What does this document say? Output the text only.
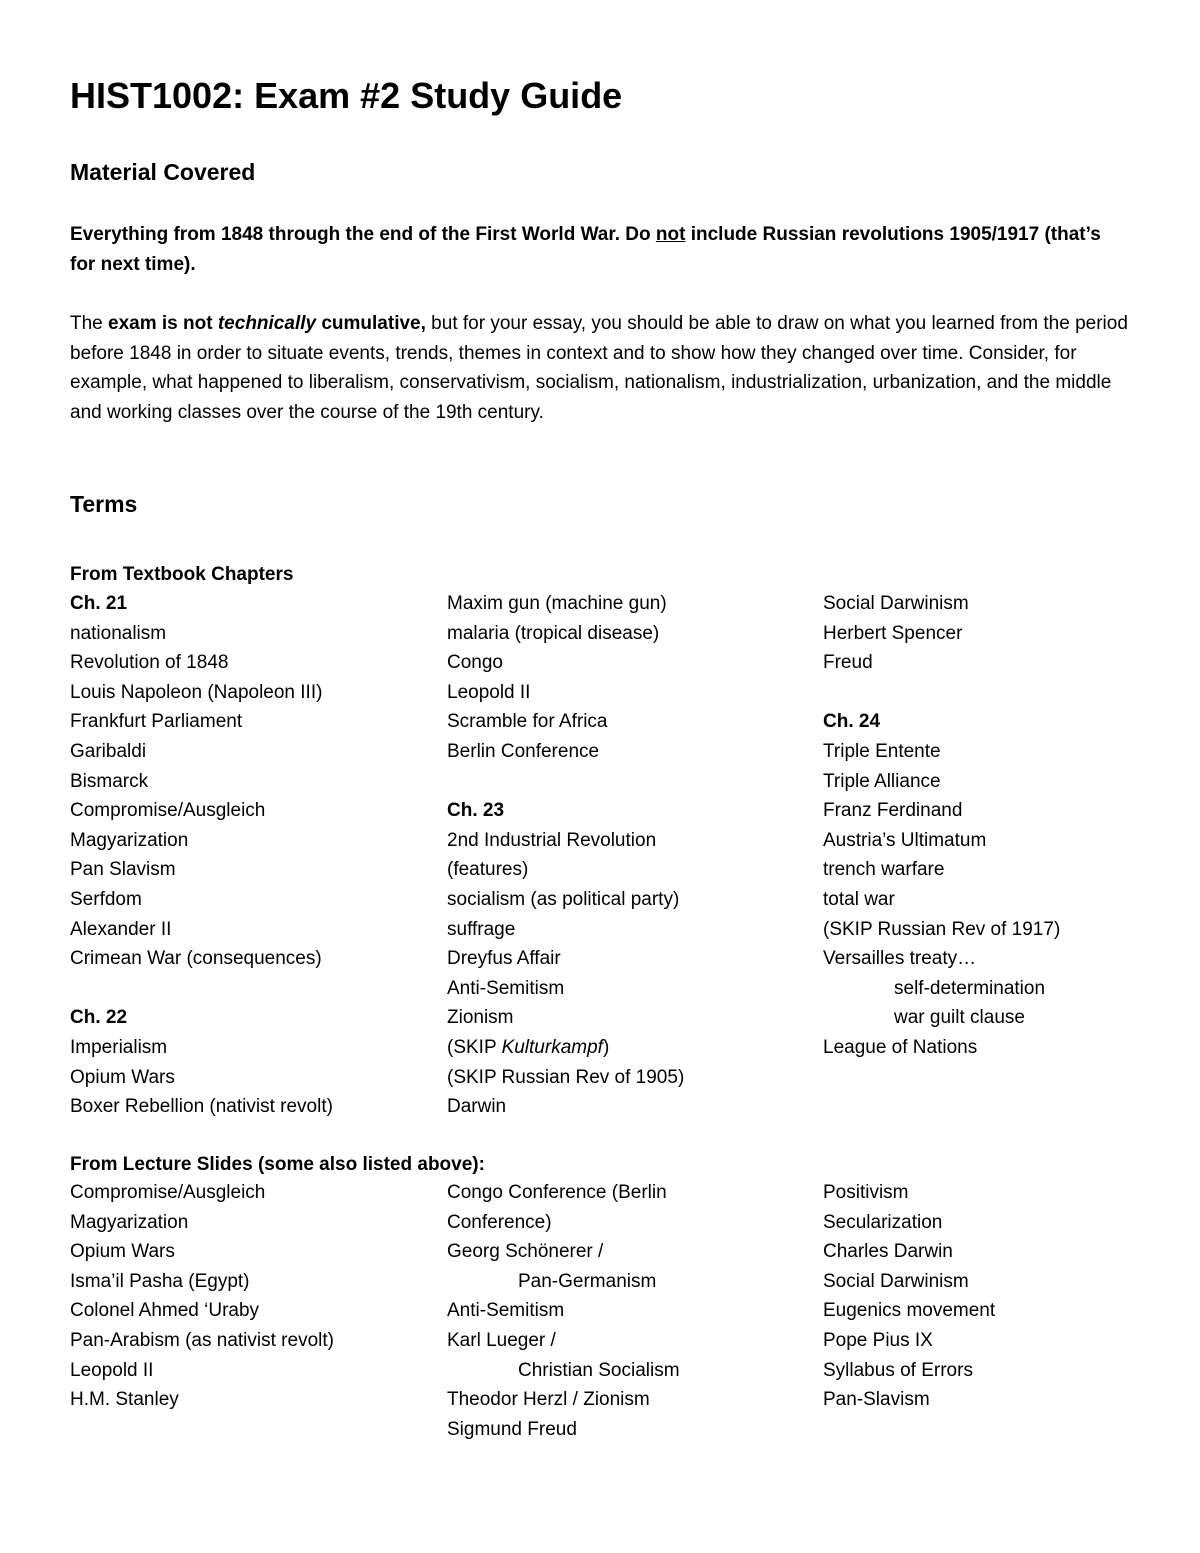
HIST1002: Exam #2 Study Guide
Material Covered
Everything from 1848 through the end of the First World War. Do not include Russian revolutions 1905/1917 (that’s for next time).
The exam is not technically cumulative, but for your essay, you should be able to draw on what you learned from the period before 1848 in order to situate events, trends, themes in context and to show how they changed over time. Consider, for example, what happened to liberalism, conservativism, socialism, nationalism, industrialization, urbanization, and the middle and working classes over the course of the 19th century.
Terms
From Textbook Chapters
Ch. 21
nationalism
Revolution of 1848
Louis Napoleon (Napoleon III)
Frankfurt Parliament
Garibaldi
Bismarck
Compromise/Ausgleich
Magyarization
Pan Slavism
Serfdom
Alexander II
Crimean War (consequences)
Ch. 22
Imperialism
Opium Wars
Boxer Rebellion (nativist revolt)
Maxim gun (machine gun)
malaria (tropical disease)
Congo
Leopold II
Scramble for Africa
Berlin Conference
Ch. 23
2nd Industrial Revolution
(features)
socialism (as political party)
suffrage
Dreyfus Affair
Anti-Semitism
Zionism
(SKIP Kulturkampf)
(SKIP Russian Rev of 1905)
Darwin
Social Darwinism
Herbert Spencer
Freud
Ch. 24
Triple Entente
Triple Alliance
Franz Ferdinand
Austria’s Ultimatum
trench warfare
total war
(SKIP Russian Rev of 1917)
Versailles treaty…
self-determination
war guilt clause
League of Nations
From Lecture Slides (some also listed above):
Compromise/Ausgleich
Magyarization
Opium Wars
Isma’il Pasha (Egypt)
Colonel Ahmed ‘Uraby
Pan-Arabism (as nativist revolt)
Leopold II
H.M. Stanley
Congo Conference (Berlin
Conference)
Georg Schönerer /
Pan-Germanism
Anti-Semitism
Karl Lueger /
Christian Socialism
Theodor Herzl / Zionism
Sigmund Freud
Positivism
Secularization
Charles Darwin
Social Darwinism
Eugenics movement
Pope Pius IX
Syllabus of Errors
Pan-Slavism
